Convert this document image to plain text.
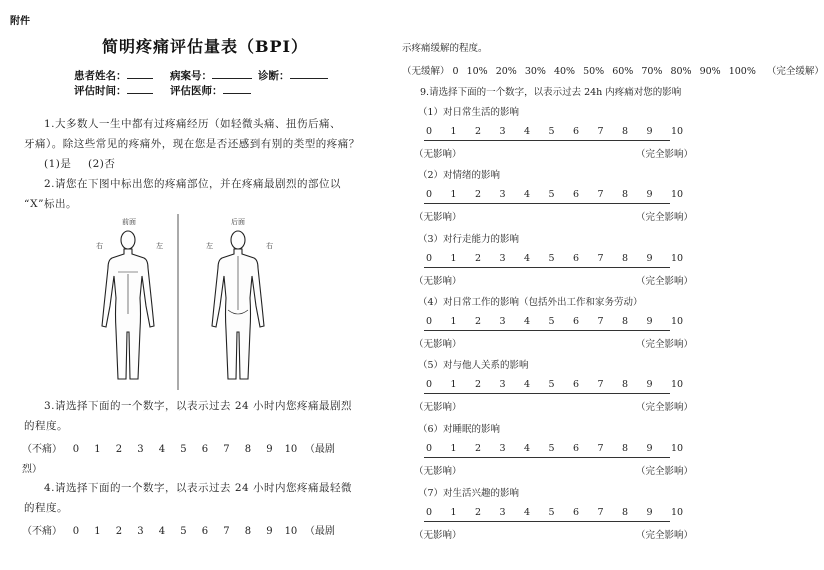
附件
简明疼痛评估量表（BPI）
患者姓名：	病案号：	诊断：
评估时间：	评估医师：
1.大多数人一生中都有过疼痛经历（如轻微头痛、扭伤后痛、
牙痛）。除这些常见的疼痛外，现在您是否还感到有别的类型的疼痛？
(1)是 (2)否
2.请您在下图中标出您的疼痛部位，并在疼痛最剧烈的部位以
“X”标出。
前面
右	左
后面
左	右
3.请选择下面的一个数字，以表示过去 24 小时内您疼痛最剧烈
的程度。
（不痛） 0 1 2 3 4 5 6 7 8 9 10 （最剧
烈）
4.请选择下面的一个数字，以表示过去 24 小时内您疼痛最轻微
的程度。
（不痛） 0 1 2 3 4 5 6 7 8 9 10 （最剧
示疼痛缓解的程度。
（无缓解） 0 10% 20% 30% 40% 50% 60% 70% 80% 90% 100% （完全缓解）
9.请选择下面的一个数字，以表示过去 24h 内疼痛对您的影响
（1）对日常生活的影响
0 1 2 3 4 5 6 7 8 9 10
（无影响）	（完全影响）
（2）对情绪的影响
0 1 2 3 4 5 6 7 8 9 10
（无影响）	（完全影响）
（3）对行走能力的影响
0 1 2 3 4 5 6 7 8 9 10
（无影响）	（完全影响）
（4）对日常工作的影响（包括外出工作和家务劳动）
0 1 2 3 4 5 6 7 8 9 10
（无影响）	（完全影响）
（5）对与他人关系的影响
0 1 2 3 4 5 6 7 8 9 10
（无影响）	（完全影响）
（6）对睡眠的影响
0 1 2 3 4 5 6 7 8 9 10
（无影响）	（完全影响）
（7）对生活兴趣的影响
0 1 2 3 4 5 6 7 8 9 10
（无影响）	（完全影响）
